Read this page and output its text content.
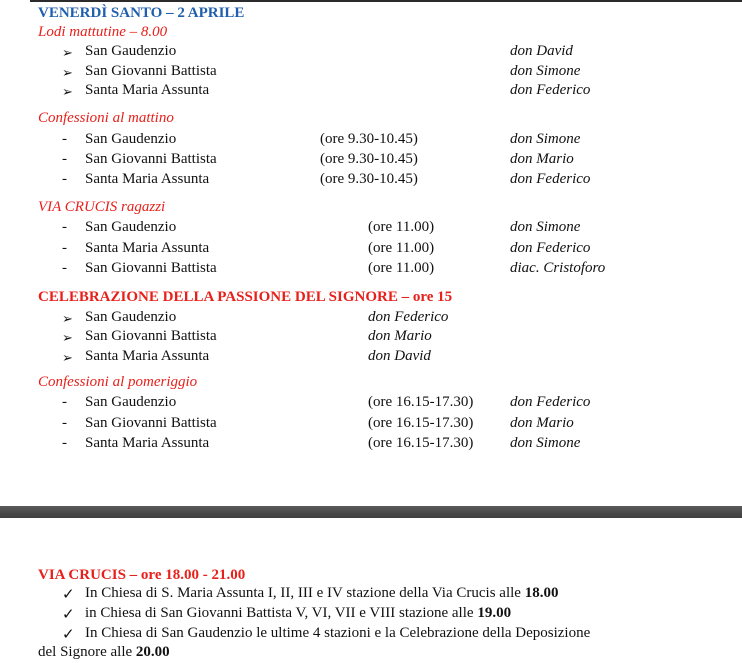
VENERDÌ SANTO – 2 APRILE
Lodi mattutine – 8.00
➢ San Gaudenzio	don David
➢ San Giovanni Battista	don Simone
➢ Santa Maria Assunta	don Federico
Confessioni al mattino
- San Gaudenzio	(ore 9.30-10.45)	don Simone
- San Giovanni Battista	(ore 9.30-10.45)	don Mario
- Santa Maria Assunta	(ore 9.30-10.45)	don Federico
VIA CRUCIS ragazzi
- San Gaudenzio	(ore 11.00)	don Simone
- Santa Maria Assunta	(ore 11.00)	don Federico
- San Giovanni Battista	(ore 11.00)	diac. Cristoforo
CELEBRAZIONE DELLA PASSIONE DEL SIGNORE – ore 15
➢ San Gaudenzio	don Federico
➢ San Giovanni Battista	don Mario
➢ Santa Maria Assunta	don David
Confessioni al pomeriggio
- San Gaudenzio	(ore 16.15-17.30) don Federico
- San Giovanni Battista	(ore 16.15-17.30) don Mario
- Santa Maria Assunta	(ore 16.15-17.30) don Simone
VIA CRUCIS – ore 18.00 - 21.00
✓ In Chiesa di S. Maria Assunta I, II, III e IV stazione della Via Crucis alle 18.00
✓ in Chiesa di San Giovanni Battista V, VI, VII e VIII stazione alle 19.00
✓ In Chiesa di San Gaudenzio le ultime 4 stazioni e la Celebrazione della Deposizione
del Signore alle 20.00
